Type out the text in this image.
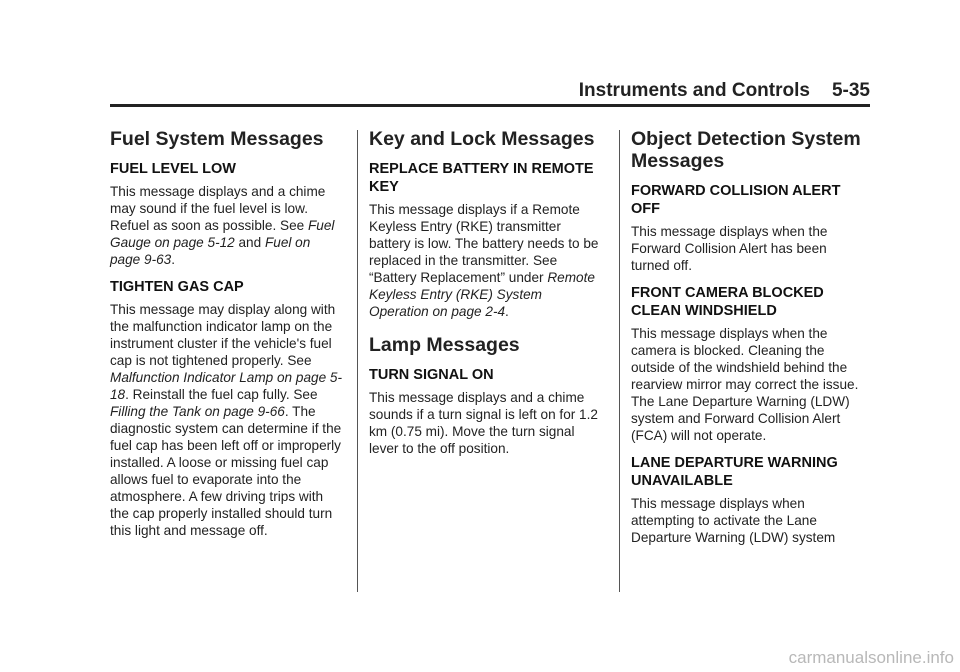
Instruments and Controls 5-35
Fuel System Messages
FUEL LEVEL LOW

This message displays and a chime may sound if the fuel level is low. Refuel as soon as possible. See Fuel Gauge on page 5-12 and Fuel on page 9-63.

TIGHTEN GAS CAP

This message may display along with the malfunction indicator lamp on the instrument cluster if the vehicle's fuel cap is not tightened properly. See Malfunction Indicator Lamp on page 5-18. Reinstall the fuel cap fully. See Filling the Tank on page 9-66. The diagnostic system can determine if the fuel cap has been left off or improperly installed. A loose or missing fuel cap allows fuel to evaporate into the atmosphere. A few driving trips with the cap properly installed should turn this light and message off.

Key and Lock Messages
REPLACE BATTERY IN REMOTE KEY

This message displays if a Remote Keyless Entry (RKE) transmitter battery is low. The battery needs to be replaced in the transmitter. See “Battery Replacement” under Remote Keyless Entry (RKE) System Operation on page 2-4.

Lamp Messages
TURN SIGNAL ON

This message displays and a chime sounds if a turn signal is left on for 1.2 km (0.75 mi). Move the turn signal lever to the off position.

Object Detection System Messages
FORWARD COLLISION ALERT OFF

This message displays when the Forward Collision Alert has been turned off.

FRONT CAMERA BLOCKED CLEAN WINDSHIELD

This message displays when the camera is blocked. Cleaning the outside of the windshield behind the rearview mirror may correct the issue. The Lane Departure Warning (LDW) system and Forward Collision Alert (FCA) will not operate.

LANE DEPARTURE WARNING UNAVAILABLE

This message displays when attempting to activate the Lane Departure Warning (LDW) system

carmanualsonline.info
